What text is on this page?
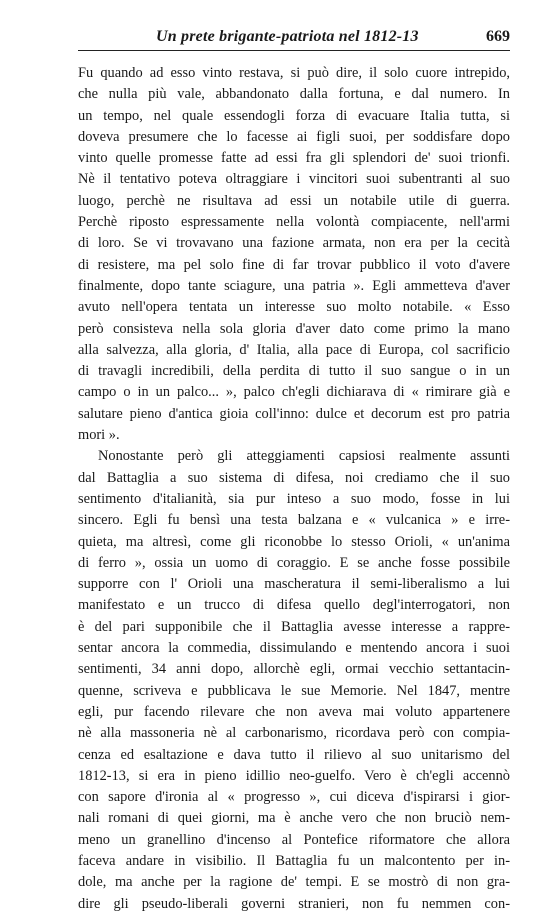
Un prete brigante-patriota nel 1812-13	669
Fu quando ad esso vinto restava, si può dire, il solo cuore intrepido,
che nulla più vale, abbandonato dalla fortuna, e dal numero. In
un tempo, nel quale essendogli forza di evacuare Italia tutta, si
doveva presumere che lo facesse ai figli suoi, per soddisfare dopo
vinto quelle promesse fatte ad essi fra gli splendori de' suoi trionfi.
Nè il tentativo poteva oltraggiare i vincitori suoi subentranti al suo
luogo, perchè ne risultava ad essi un notabile utile di guerra.
Perchè riposto espressamente nella volontà compiacente, nell'armi
di loro. Se vi trovavano una fazione armata, non era per la cecità
di resistere, ma pel solo fine di far trovar pubblico il voto d'avere
finalmente, dopo tante sciagure, una patria ». Egli ammetteva d'aver
avuto nell'opera tentata un interesse suo molto notabile. « Esso
però consisteva nella sola gloria d'aver dato come primo la mano
alla salvezza, alla gloria, d' Italia, alla pace di Europa, col sacrificio
di travagli incredibili, della perdita di tutto il suo sangue o in un
campo o in un palco... », palco ch'egli dichiarava di « rimirare già e
salutare pieno d'antica gioia coll'inno: dulce et decorum est pro patria
mori ».
Nonostante però gli atteggiamenti capsiosi realmente assunti
dal Battaglia a suo sistema di difesa, noi crediamo che il suo
sentimento d'italianità, sia pur inteso a suo modo, fosse in lui
sincero. Egli fu bensì una testa balzana e « vulcanica » e irre-
quieta, ma altresì, come gli riconobbe lo stesso Orioli, « un'anima
di ferro », ossia un uomo di coraggio. E se anche fosse possibile
supporre con l' Orioli una mascheratura il semi-liberalismo a lui
manifestato e un trucco di difesa quello degl'interrogatori, non
è del pari supponibile che il Battaglia avesse interesse a rappre-
sentar ancora la commedia, dissimulando e mentendo ancora i suoi
sentimenti, 34 anni dopo, allorchè egli, ormai vecchio settantacin-
quenne, scriveva e pubblicava le sue Memorie. Nel 1847, mentre
egli, pur facendo rilevare che non aveva mai voluto appartenere
nè alla massoneria nè al carbonarismo, ricordava però con compia-
cenza ed esaltazione e dava tutto il rilievo al suo unitarismo del
1812-13, si era in pieno idillio neo-guelfo. Vero è ch'egli accennò
con sapore d'ironia al « progresso », cui diceva d'ispirarsi i gior-
nali romani di quei giorni, ma è anche vero che non bruciò nem-
meno un granellino d'incenso al Pontefice riformatore che allora
faceva andare in visibilio. Il Battaglia fu un malcontento per in-
dole, ma anche per la ragione de' tempi. E se mostrò di non gra-
dire gli pseudo-liberali governi stranieri, non fu nemmen con-
